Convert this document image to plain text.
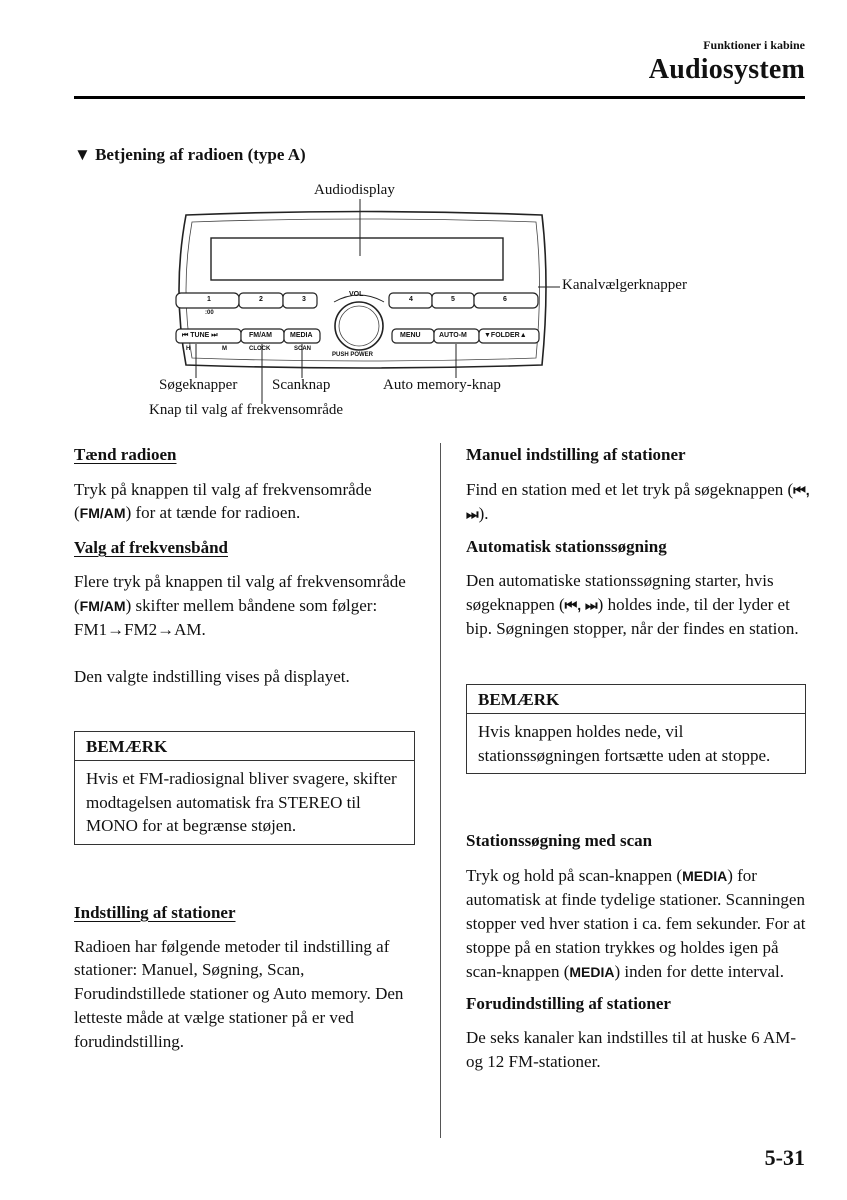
Funktioner i kabine
Audiosystem
▼ Betjening af radioen (type A)
Audiodisplay
Kanalvælgerknapper
Søgeknapper Scanknap	Auto memory-knap
Knap til valg af frekvensområde
1
:00
2	3	4	5	6
VOL
⏮ TUNE ⏭
H	M
FM/AM
CLOCK
MEDIA
SCAN
MENU	AUTO-M ▼FOLDER▲
PUSH POWER

Tænd radioen

Tryk på knappen til valg af frekvensområde (FM/AM) for at tænde for radioen.

Valg af frekvensbånd

Flere tryk på knappen til valg af frekvensområde (FM/AM) skifter mellem båndene som følger: FM1→FM2→AM.

Den valgte indstilling vises på displayet.

BEMÆRK
Hvis et FM-radiosignal bliver svagere, skifter modtagelsen automatisk fra STEREO til MONO for at begrænse støjen.

Indstilling af stationer

Radioen har følgende metoder til indstilling af stationer: Manuel, Søgning, Scan, Forudindstillede stationer og Auto memory. Den letteste måde at vælge stationer på er ved forudindstilling.

Manuel indstilling af stationer

Find en station med et let tryk på søgeknappen (⏮, ⏭).

Automatisk stationssøgning

Den automatiske stationssøgning starter, hvis søgeknappen (⏮, ⏭) holdes inde, til der lyder et bip. Søgningen stopper, når der findes en station.

BEMÆRK
Hvis knappen holdes nede, vil stationssøgningen fortsætte uden at stoppe.

Stationssøgning med scan

Tryk og hold på scan-knappen (MEDIA) for automatisk at finde tydelige stationer. Scanningen stopper ved hver station i ca. fem sekunder. For at stoppe på en station trykkes og holdes igen på scan-knappen (MEDIA) inden for dette interval.

Forudindstilling af stationer

De seks kanaler kan indstilles til at huske 6 AM- og 12 FM-stationer.

5-31
